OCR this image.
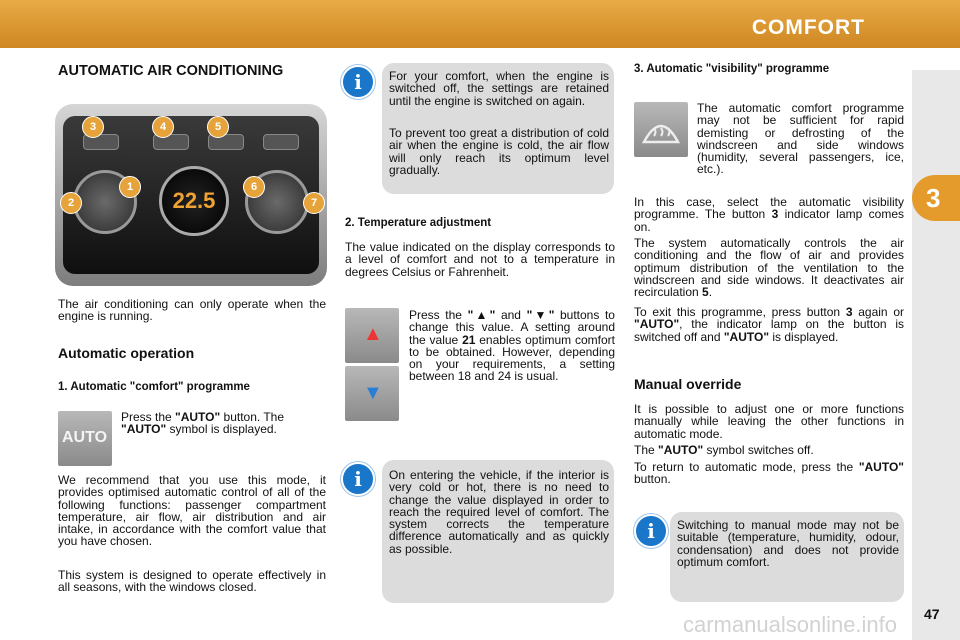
COMFORT
3
carmanualsonline.info 47
AUTOMATIC AIR CONDITIONING
22.5
3	4	5
1
2
6
7
The air conditioning can only operate when the engine is running.
Automatic operation
1. Automatic "comfort" programme
AUTO
Press the "AUTO" button. The "AUTO" symbol is displayed.
We recommend that you use this mode, it provides optimised automatic control of all of the following functions: passenger compartment temperature, air flow, air distribution and air intake, in accordance with the comfort value that you have chosen.
This system is designed to operate effectively in all seasons, with the windows closed.
i	For your comfort, when the engine is switched off, the settings are retained until the engine is switched on again.
To prevent too great a distribution of cold air when the engine is cold, the air flow will only reach its optimum level gradually.
2. Temperature adjustment
The value indicated on the display corresponds to a level of comfort and not to a temperature in degrees Celsius or Fahrenheit.
▲
▼
Press the "▲" and "▼" buttons to change this value. A setting around the value 21 enables optimum comfort to be obtained. However, depending on your requirements, a setting between 18 and 24 is usual.
i	On entering the vehicle, if the interior is very cold or hot, there is no need to change the value displayed in order to reach the required level of comfort. The system corrects the temperature difference automatically and as quickly as possible.
3. Automatic "visibility" programme
The automatic comfort programme may not be sufficient for rapid demisting or defrosting of the windscreen and side windows (humidity, several passengers, ice, etc.).
In this case, select the automatic visibility programme. The button 3 indicator lamp comes on.
The system automatically controls the air conditioning and the flow of air and provides optimum distribution of the ventilation to the windscreen and side windows. It deactivates air recirculation 5.
To exit this programme, press button 3 again or "AUTO", the indicator lamp on the button is switched off and "AUTO" is displayed.
Manual override
It is possible to adjust one or more functions manually while leaving the other functions in automatic mode.
The "AUTO" symbol switches off.
To return to automatic mode, press the "AUTO" button.
i	Switching to manual mode may not be suitable (temperature, humidity, odour, condensation) and does not provide optimum comfort.
